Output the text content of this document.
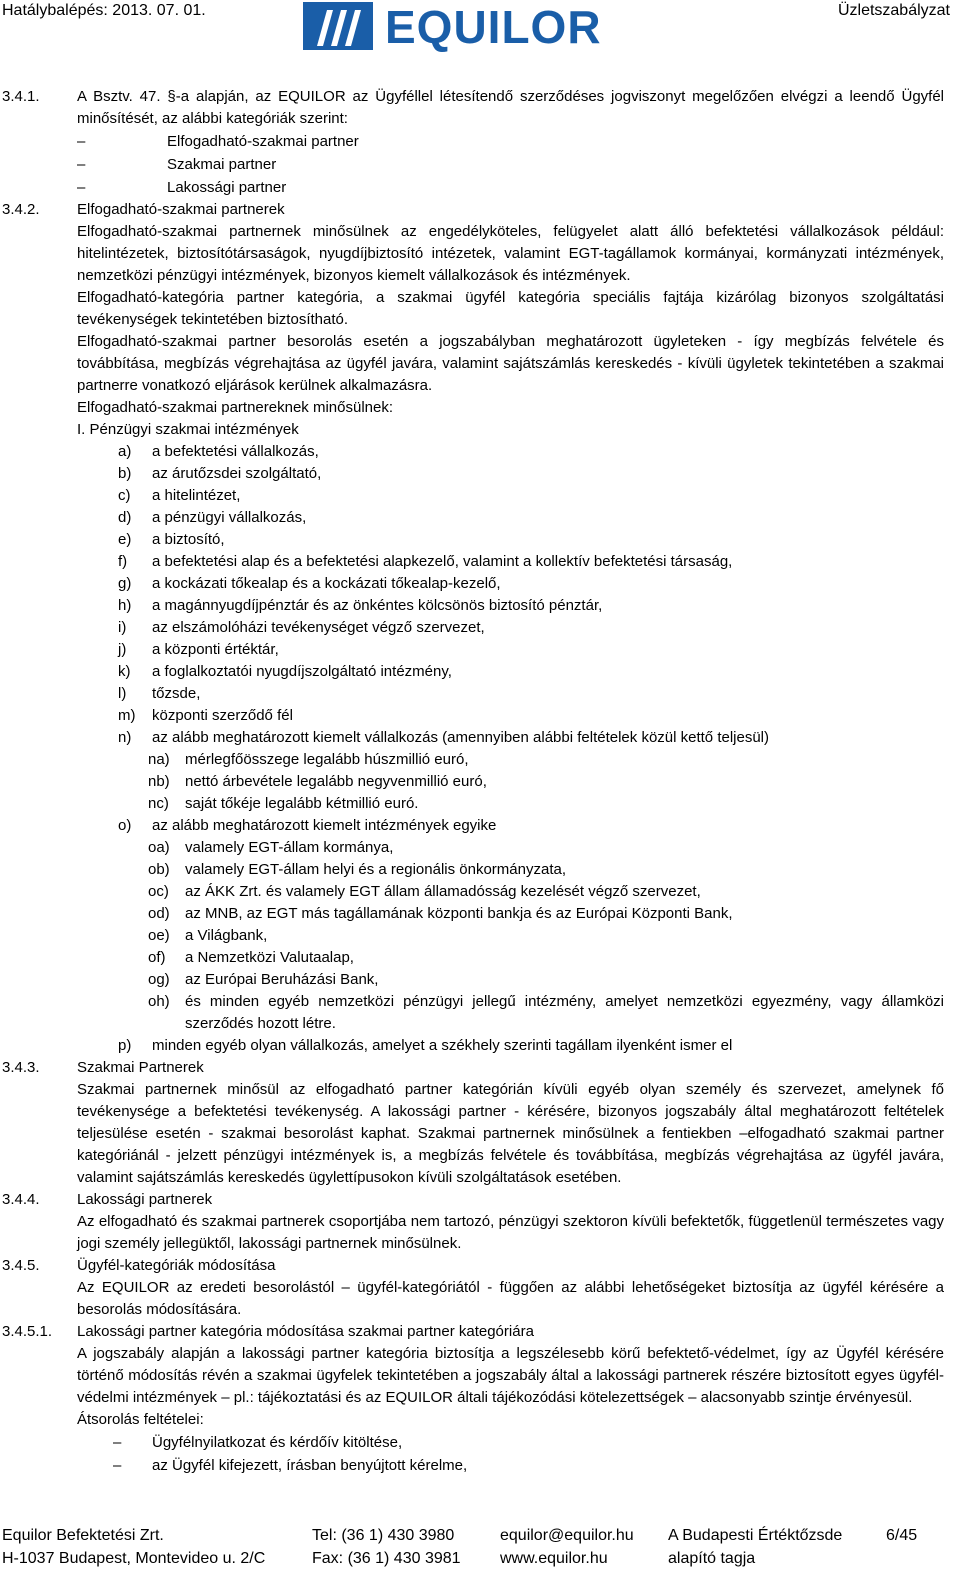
Hatálybalépés: 2013. 07. 01.	EQUILOR	Üzletszabályzat
3.4.1. A Bsztv. 47. §-a alapján, az EQUILOR az Ügyféllel létesítendő szerződéses jogviszonyt megelőzően elvégzi a leendő Ügyfél minősítését, az alábbi kategóriák szerint:
–	Elfogadható-szakmai partner
–	Szakmai partner
–	Lakossági partner
3.4.2. Elfogadható-szakmai partnerek
Elfogadható-szakmai partnernek minősülnek az engedélyköteles, felügyelet alatt álló befektetési vállalkozások például: hitelintézetek, biztosítótársaságok, nyugdíjbiztosító intézetek, valamint EGT-tagállamok kormányai, kormányzati intézmények, nemzetközi pénzügyi intézmények, bizonyos kiemelt vállalkozások és intézmények.
Elfogadható-kategória partner kategória, a szakmai ügyfél kategória speciális fajtája kizárólag bizonyos szolgáltatási tevékenységek tekintetében biztosítható.
Elfogadható-szakmai partner besorolás esetén a jogszabályban meghatározott ügyleteken - így megbízás felvétele és továbbítása, megbízás végrehajtása az ügyfél javára, valamint sajátszámlás kereskedés - kívüli ügyletek tekintetében a szakmai partnerre vonatkozó eljárások kerülnek alkalmazásra.
Elfogadható-szakmai partnereknek minősülnek:
I. Pénzügyi szakmai intézmények
a) a befektetési vállalkozás,
b) az árutőzsdei szolgáltató,
c) a hitelintézet,
d) a pénzügyi vállalkozás,
e) a biztosító,
f) a befektetési alap és a befektetési alapkezelő, valamint a kollektív befektetési társaság,
g) a kockázati tőkealap és a kockázati tőkealap-kezelő,
h) a magánnyugdíjpénztár és az önkéntes kölcsönös biztosító pénztár,
i) az elszámolóházi tevékenységet végző szervezet,
j) a központi értéktár,
k) a foglalkoztatói nyugdíjszolgáltató intézmény,
l) tőzsde,
m) központi szerződő fél
n) az alább meghatározott kiemelt vállalkozás (amennyiben alábbi feltételek közül kettő teljesül)
na) mérlegfőösszege legalább húszmillió euró,
nb) nettó árbevétele legalább negyvenmillió euró,
nc) saját tőkéje legalább kétmillió euró.
o) az alább meghatározott kiemelt intézmények egyike
oa) valamely EGT-állam kormánya,
ob) valamely EGT-állam helyi és a regionális önkormányzata,
oc) az ÁKK Zrt. és valamely EGT állam államadósság kezelését végző szervezet,
od) az MNB, az EGT más tagállamának központi bankja és az Európai Központi Bank,
oe) a Világbank,
of) a Nemzetközi Valutaalap,
og) az Európai Beruházási Bank,
oh) és minden egyéb nemzetközi pénzügyi jellegű intézmény, amelyet nemzetközi egyezmény, vagy államközi szerződés hozott létre.
p) minden egyéb olyan vállalkozás, amelyet a székhely szerinti tagállam ilyenként ismer el
3.4.3. Szakmai Partnerek
Szakmai partnernek minősül az elfogadható partner kategórián kívüli egyéb olyan személy és szervezet, amelynek fő tevékenysége a befektetési tevékenység. A lakossági partner - kérésére, bizonyos jogszabály által meghatározott feltételek teljesülése esetén - szakmai besorolást kaphat. Szakmai partnernek minősülnek a fentiekben –elfogadható szakmai partner kategóriánál - jelzett pénzügyi intézmények is, a megbízás felvétele és továbbítása, megbízás végrehajtása az ügyfél javára, valamint sajátszámlás kereskedés ügylettípusokon kívüli szolgáltatások esetében.
3.4.4. Lakossági partnerek
Az elfogadható és szakmai partnerek csoportjába nem tartozó, pénzügyi szektoron kívüli befektetők, függetlenül természetes vagy jogi személy jellegüktől, lakossági partnernek minősülnek.
3.4.5. Ügyfél-kategóriák módosítása
Az EQUILOR az eredeti besorolástól – ügyfél-kategóriától - függően az alábbi lehetőségeket biztosítja az ügyfél kérésére a besorolás módosítására.
3.4.5.1. Lakossági partner kategória módosítása szakmai partner kategóriára
A jogszabály alapján a lakossági partner kategória biztosítja a legszélesebb körű befektető-védelmet, így az Ügyfél kérésére történő módosítás révén a szakmai ügyfelek tekintetében a jogszabály által a lakossági partnerek részére biztosított egyes ügyfél-védelmi intézmények – pl.: tájékoztatási és az EQUILOR általi tájékozódási kötelezettségek – alacsonyabb szintje érvényesül.
Átsorolás feltételei:
– Ügyfélnyilatkozat és kérdőív kitöltése,
– az Ügyfél kifejezett, írásban benyújtott kérelme,
Equilor Befektetési Zrt.
H-1037 Budapest, Montevideo u. 2/C
Tel: (36 1) 430 3980
Fax: (36 1) 430 3981
equilor@equilor.hu
www.equilor.hu
A Budapesti Értéktőzsde
alapító tagja
6/45
